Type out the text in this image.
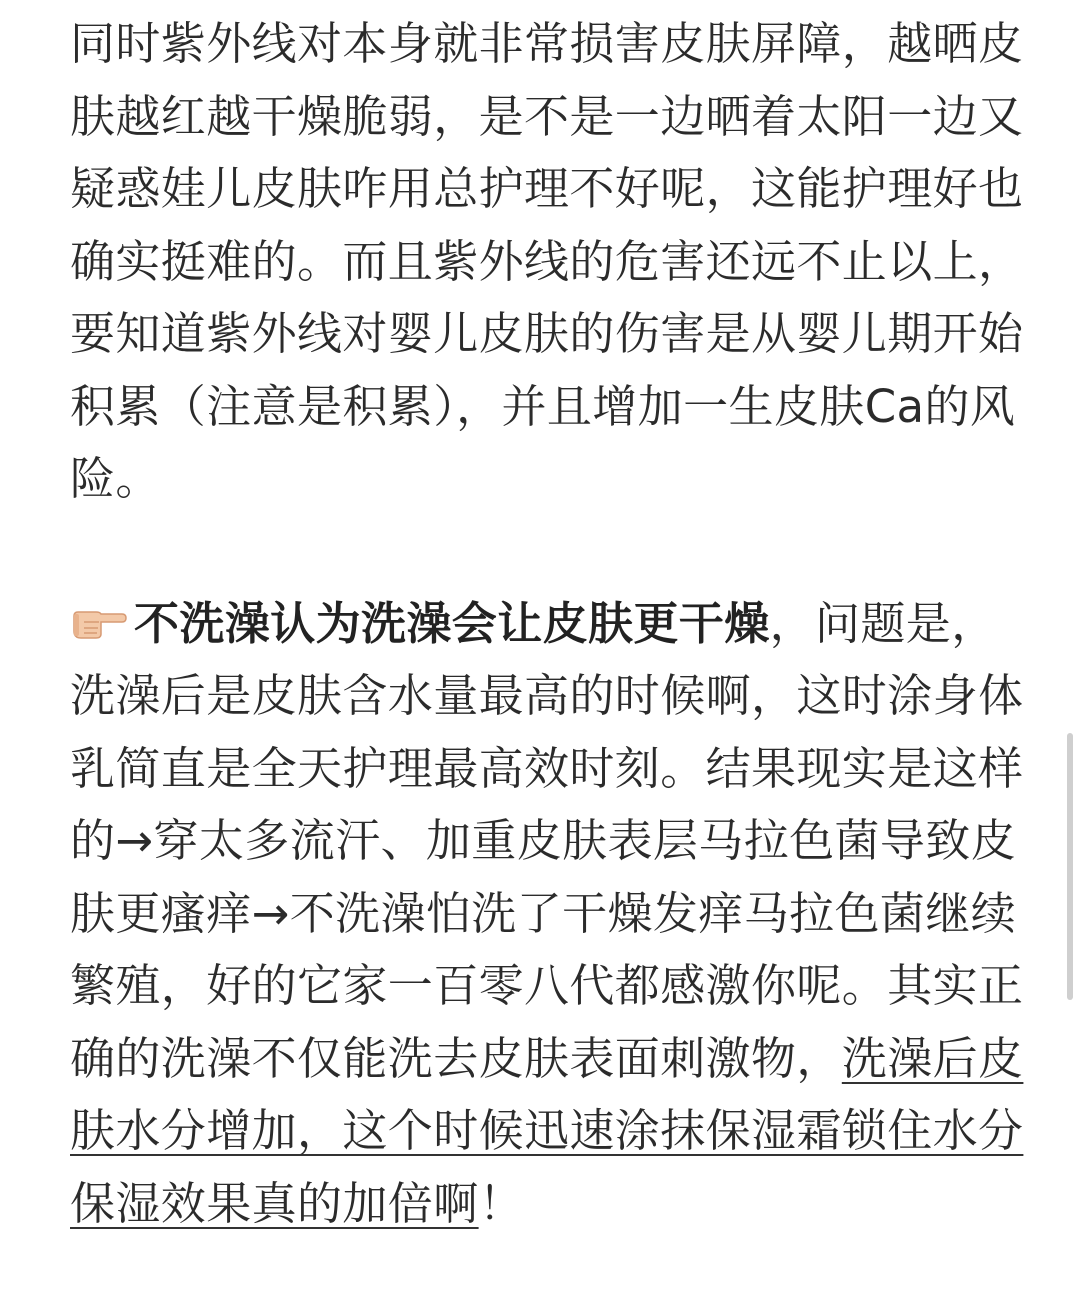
同时紫外线对本身就非常损害皮肤屏障，越晒皮肤越红越干燥脆弱，是不是一边晒着太阳一边又疑惑娃儿皮肤咋用总护理不好呢，这能护理好也确实挺难的。而且紫外线的危害还远不止以上，要知道紫外线对婴儿皮肤的伤害是从婴儿期开始积累（注意是积累），并且增加一生皮肤Ca的风险。

不洗澡认为洗澡会让皮肤更干燥，问题是，洗澡后是皮肤含水量最高的时候啊，这时涂身体乳简直是全天护理最高效时刻。结果现实是这样的→穿太多流汗、加重皮肤表层马拉色菌导致皮肤更瘙痒→不洗澡怕洗了干燥发痒马拉色菌继续繁殖，好的它家一百零八代都感激你呢。其实正确的洗澡不仅能洗去皮肤表面刺激物，洗澡后皮肤水分增加，这个时候迅速涂抹保湿霜锁住水分保湿效果真的加倍啊！
